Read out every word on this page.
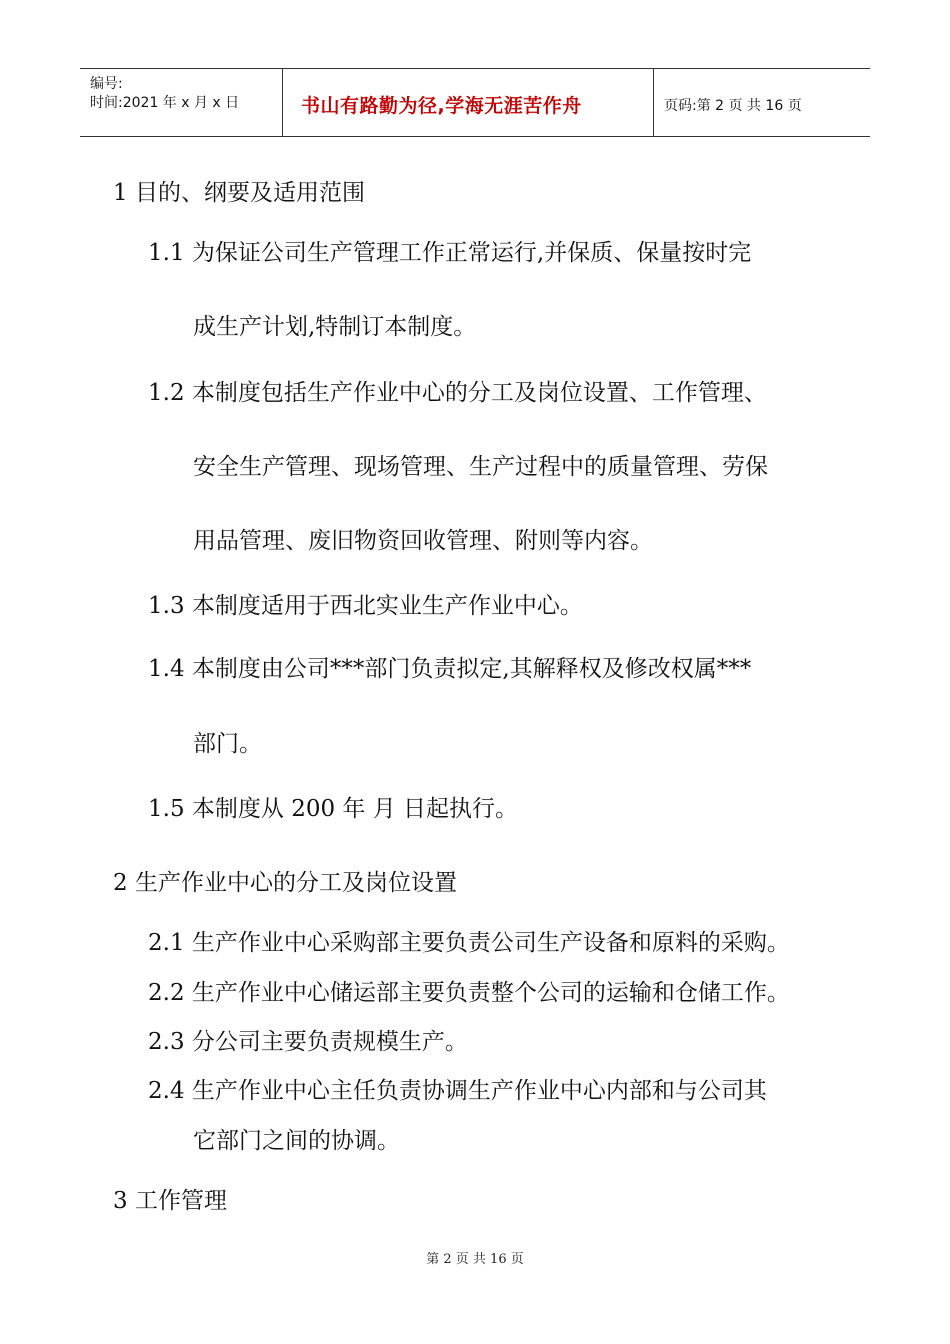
编号:
时间:2021 年 x 月 x 日	书山有路勤为径,学海无涯苦作舟	页码:第 2 页 共 16 页
1 目的、纲要及适用范围
1.1 为保证公司生产管理工作正常运行,并保质、保量按时完
成生产计划,特制订本制度。
1.2 本制度包括生产作业中心的分工及岗位设置、工作管理、
安全生产管理、现场管理、生产过程中的质量管理、劳保
用品管理、废旧物资回收管理、附则等内容。
1.3 本制度适用于西北实业生产作业中心。
1.4 本制度由公司***部门负责拟定,其解释权及修改权属***
部门。
1.5 本制度从 200 年 月 日起执行。
2 生产作业中心的分工及岗位设置
2.1 生产作业中心采购部主要负责公司生产设备和原料的采购。
2.2 生产作业中心储运部主要负责整个公司的运输和仓储工作。
2.3 分公司主要负责规模生产。
2.4 生产作业中心主任负责协调生产作业中心内部和与公司其
它部门之间的协调。
3 工作管理
第 2 页 共 16 页
